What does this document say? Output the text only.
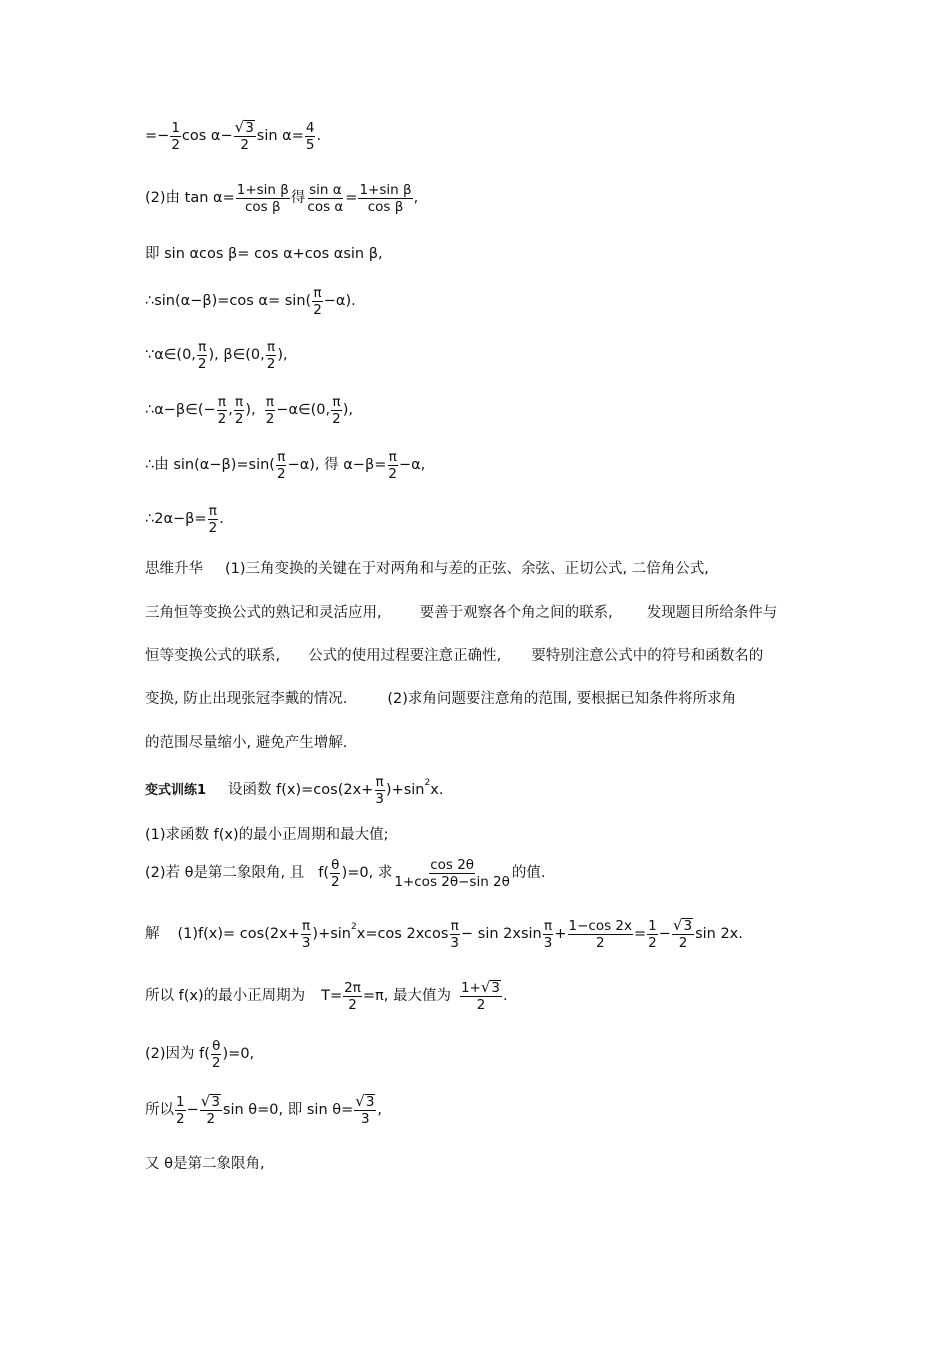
=− $\frac{1}{2}$ $\cos \alpha- \frac{√ 3}{2}$ $\sin \alpha= \frac{4}{5}$ .
(2)由 $\tan \alpha= \frac{\text{1+sin β}}{\text{cos β}}$ 得 $\frac{\text{sin α}}{\text{cos α}} = \frac{\text{1+sin β}}{\text{cos β}}$ ,
即 sin αcos β= cos α+cos αsin β,
∴sin(α−β)=cos $\alpha= \sin( \frac{\pi}{2} -\alpha)$.
∵α∈(0, $\frac{\pi}{2}$ ), β∈(0, $\frac{\pi}{2}$ ),
∴α−β∈(− $\frac{\pi}{2}$ , $\frac{\pi}{2}$ ), $\frac{\pi}{2}$ −α∈(0, $\frac{\pi}{2}$ ),
∴由 $\sin(\alpha-\beta)=\sin( \frac{\pi}{2} -\alpha)$, 得 $\alpha-\beta= \frac{\pi}{2} -\alpha$,
∴2α−β= $\frac{\pi}{2}$ .
思维升华 (1)三角变换的关键在于对两角和与差的正弦、余弦、正切公式, 二倍角公式,
三角恒等变换公式的熟记和灵活应用,	要善于观察各个角之间的联系, 发现题目所给条件与
恒等变换公式的联系, 公式的使用过程要注意正确性, 要特别注意公式中的符号和函数名的
变换, 防止出现张冠李戴的情况.	(2)求角问题要注意角的范围, 要根据已知条件将所求角
的范围尽量缩小, 避免产生增解.
变式训练1 设函数 $f(x)=\cos(2x+ \frac{\pi}{3} )+\sin^2$ x.
(1)求函数 f(x)的最小正周期和最大值;
(2)若 θ是第二象限角, 且 $f( \frac{\theta}{2} )=0$, 求 $\frac{\cos 2\theta}{1+\cos 2\theta-\sin 2\theta}$ 的值.
解 $(1)f(x)= \cos(2x+ \frac{\pi}{3} )+\sin^2$ x=cos $2xcos \frac{\pi}{3} - \sin 2xsin \frac{\pi}{3} + \frac{1-\cos 2x}{2} = \frac{1}{2} - \frac{√ 3}{2}$ sin 2x.
所以 f(x)的最小正周期为 $T= \frac{2\pi}{2} =\pi$, 最大值为 $\frac{1+ √ 3}{2}$ .
(2)因为 $f( \frac{\theta}{2} )=0$,
所以 $\frac{1}{2} - \frac{√ 3}{2}$ sin θ=0, 即 $\sin \theta= \frac{√ 3}{3}$ ,
又 θ是第二象限角,
